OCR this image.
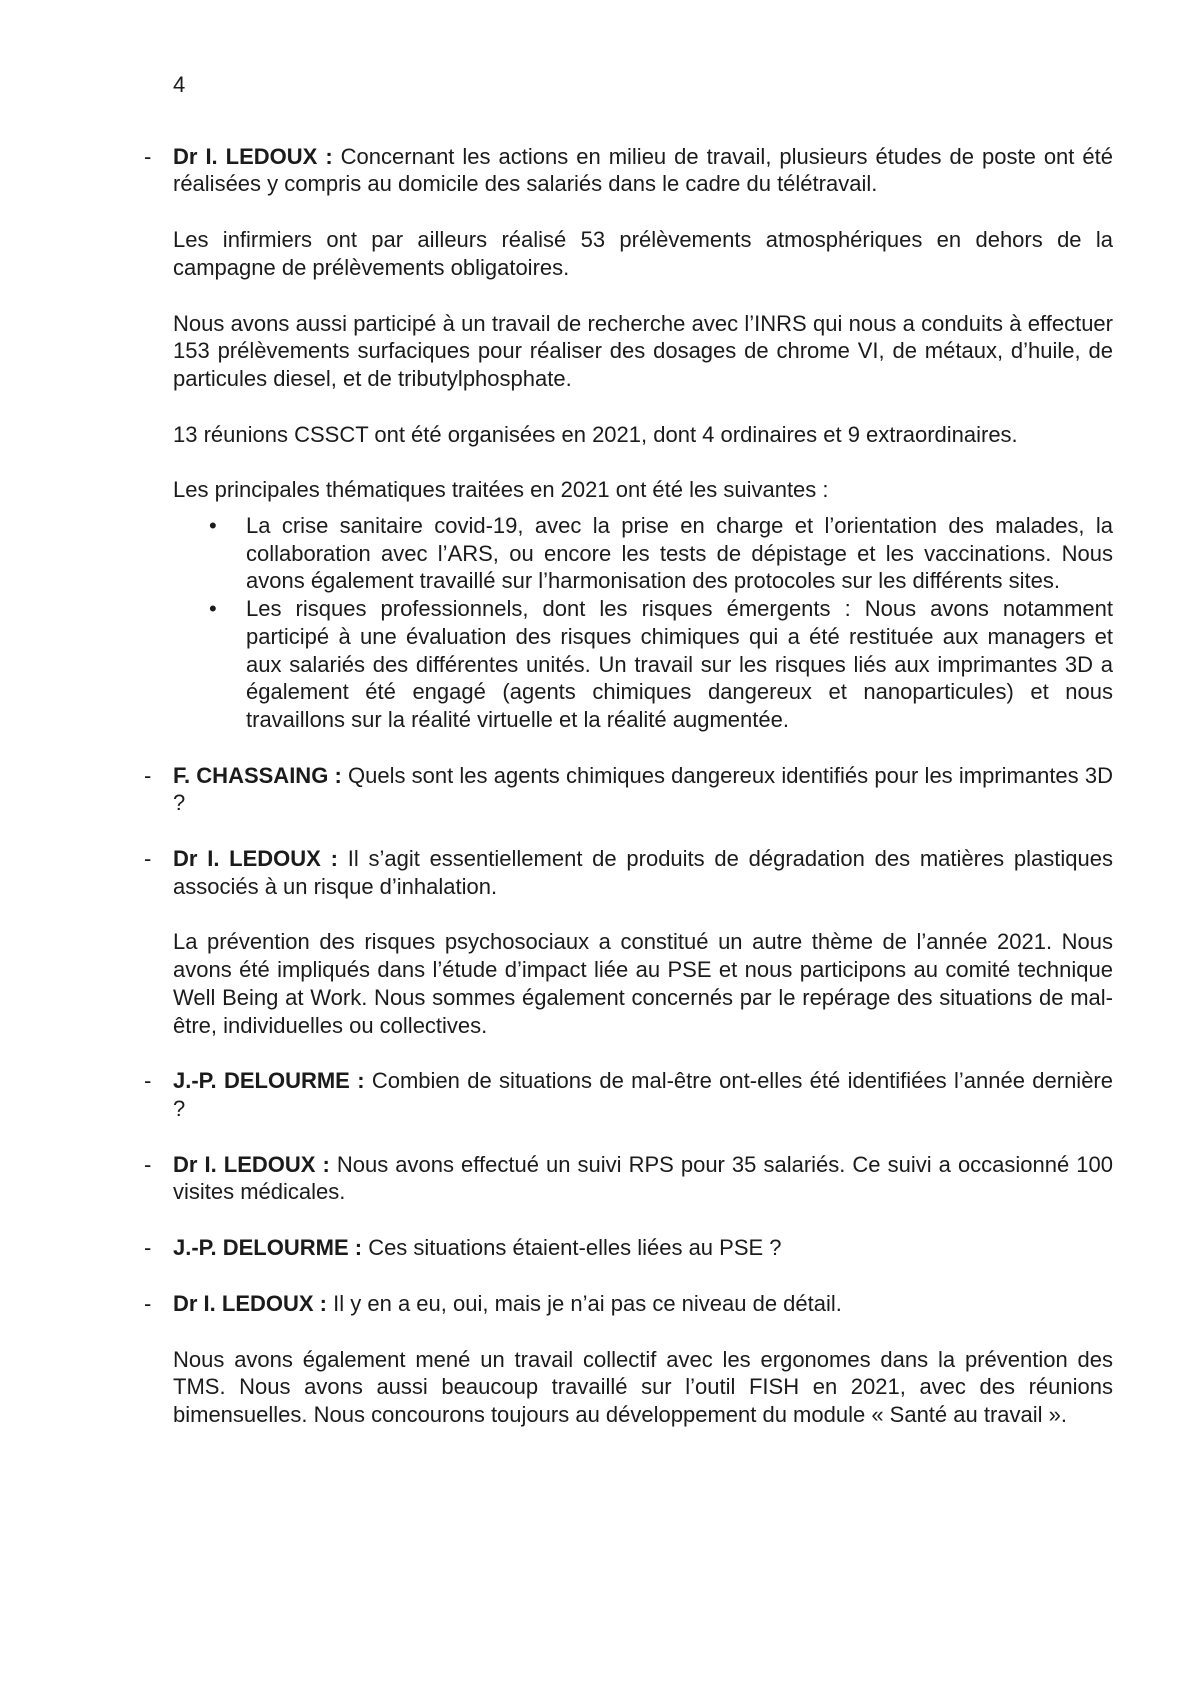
4
- Dr I. LEDOUX : Concernant les actions en milieu de travail, plusieurs études de poste ont été réalisées y compris au domicile des salariés dans le cadre du télétravail.
Les infirmiers ont par ailleurs réalisé 53 prélèvements atmosphériques en dehors de la campagne de prélèvements obligatoires.
Nous avons aussi participé à un travail de recherche avec l’INRS qui nous a conduits à effectuer 153 prélèvements surfaciques pour réaliser des dosages de chrome VI, de métaux, d’huile, de particules diesel, et de tributylphosphate.
13 réunions CSSCT ont été organisées en 2021, dont 4 ordinaires et 9 extraordinaires.
Les principales thématiques traitées en 2021 ont été les suivantes :
• La crise sanitaire covid-19, avec la prise en charge et l’orientation des malades, la collaboration avec l’ARS, ou encore les tests de dépistage et les vaccinations. Nous avons également travaillé sur l’harmonisation des protocoles sur les différents sites.
• Les risques professionnels, dont les risques émergents : Nous avons notamment participé à une évaluation des risques chimiques qui a été restituée aux managers et aux salariés des différentes unités. Un travail sur les risques liés aux imprimantes 3D a également été engagé (agents chimiques dangereux et nanoparticules) et nous travaillons sur la réalité virtuelle et la réalité augmentée.
- F. CHASSAING : Quels sont les agents chimiques dangereux identifiés pour les imprimantes 3D ?
- Dr I. LEDOUX : Il s’agit essentiellement de produits de dégradation des matières plastiques associés à un risque d’inhalation.
La prévention des risques psychosociaux a constitué un autre thème de l’année 2021. Nous avons été impliqués dans l’étude d’impact liée au PSE et nous participons au comité technique Well Being at Work. Nous sommes également concernés par le repérage des situations de mal-être, individuelles ou collectives.
- J.-P. DELOURME : Combien de situations de mal-être ont-elles été identifiées l’année dernière ?
- Dr I. LEDOUX : Nous avons effectué un suivi RPS pour 35 salariés. Ce suivi a occasionné 100 visites médicales.
- J.-P. DELOURME : Ces situations étaient-elles liées au PSE ?
- Dr I. LEDOUX : Il y en a eu, oui, mais je n’ai pas ce niveau de détail.
Nous avons également mené un travail collectif avec les ergonomes dans la prévention des TMS. Nous avons aussi beaucoup travaillé sur l’outil FISH en 2021, avec des réunions bimensuelles. Nous concourons toujours au développement du module « Santé au travail ».
